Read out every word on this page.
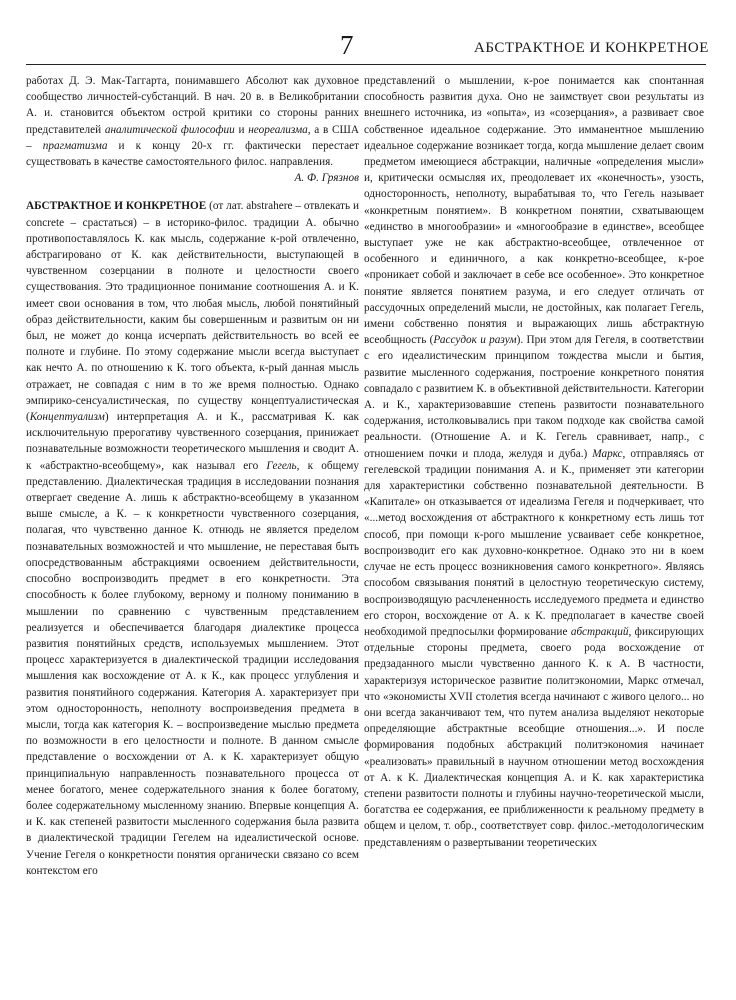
7	АБСТРАКТНОЕ И КОНКРЕТНОЕ

работах Д. Э. Мак-Таггарта, понимавшего Абсолют как духовное сообщество личностей-субстанций. В нач. 20 в. в Великобритании А. и. становится объектом острой критики со стороны ранних представителей аналитической философии и неореализма, а в США – прагматизма и к концу 20-х гг. фактически перестает существовать в качестве самостоятельного филос. направления.

А. Ф. Грязнов

АБСТРАКТНОЕ И КОНКРЕТНОЕ (от лат. abstrahere – отвлекать и concrete – срастаться) – в историко-филос. традиции А. обычно противопоставлялось К. как мысль, содержание к-рой отвлеченно, абстрагировано от К. как действительности, выступающей в чувственном созерцании в полноте и целостности своего существования. Это традиционное понимание соотношения А. и К. имеет свои основания в том, что любая мысль, любой понятийный образ действительности, каким бы совершенным и развитым он ни был, не может до конца исчерпать действительность во всей ее полноте и глубине. По этому содержание мысли всегда выступает как нечто А. по отношению к К. того объекта, к-рый данная мысль отражает, не совпадая с ним в то же время полностью. Однако эмпирико-сенсуалистическая, по существу концептуалистическая (Концептуализм) интерпретация А. и К., рассматривая К. как исключительную прерогативу чувственного созерцания, принижает познавательные возможности теоретического мышления и сводит А. к «абстрактно-всеобщему», как называл его Гегель, к общему представлению. Диалектическая традиция в исследовании познания отвергает сведение А. лишь к абстрактно-всеобщему в указанном выше смысле, а К. – к конкретности чувственного созерцания, полагая, что чувственно данное К. отнюдь не является пределом познавательных возможностей и что мышление, не переставая быть опосредствованным абстракциями освоением действительности, способно воспроизводить предмет в его конкретности. Эта способность к более глубокому, верному и полному пониманию в мышлении по сравнению с чувственным представлением реализуется и обеспечивается благодаря диалектике процесса развития понятийных средств, используемых мышлением. Этот процесс характеризуется в диалектической традиции исследования мышления как восхождение от А. к К., как процесс углубления и развития понятийного содержания. Категория А. характеризует при этом односторонность, неполноту воспроизведения предмета в мысли, тогда как категория К. – воспроизведение мыслью предмета по возможности в его целостности и полноте. В данном смысле представление о восхождении от А. к К. характеризует общую принципиальную направленность познавательного процесса от менее богатого, менее содержательного знания к более богатому, более содержательному мысленному знанию. Впервые концепция А. и К. как степеней развитости мысленного содержания была развита в диалектической традиции Гегелем на идеалистической основе. Учение Гегеля о конкретности понятия органически связано со всем контекстом его

представлений о мышлении, к-рое понимается как спонтанная способность развития духа. Оно не заимствует свои результаты из внешнего источника, из «опыта», из «созерцания», а развивает свое собственное идеальное содержание. Это имманентное мышлению идеальное содержание возникает тогда, когда мышление делает своим предметом имеющиеся абстракции, наличные «определения мысли» и, критически осмысляя их, преодолевает их «конечность», узость, односторонность, неполноту, вырабатывая то, что Гегель называет «конкретным понятием». В конкретном понятии, схватывающем «единство в многообразии» и «многообразие в единстве», всеобщее выступает уже не как абстрактно-всеобщее, отвлеченное от особенного и единичного, а как конкретно-всеобщее, к-рое «проникает собой и заключает в себе все особенное». Это конкретное понятие является понятием разума, и его следует отличать от рассудочных определений мысли, не достойных, как полагает Гегель, имени собственно понятия и выражающих лишь абстрактную всеобщность (Рассудок и разум). При этом для Гегеля, в соответствии с его идеалистическим принципом тождества мысли и бытия, развитие мысленного содержания, построение конкретного понятия совпадало с развитием К. в объективной действительности. Категории А. и К., характеризовавшие степень развитости познавательного содержания, истолковывались при таком подходе как свойства самой реальности. (Отношение А. и К. Гегель сравнивает, напр., с отношением почки и плода, желудя и дуба.) Маркс, отправляясь от гегелевской традиции понимания А. и К., применяет эти категории для характеристики собственно познавательной деятельности. В «Капитале» он отказывается от идеализма Гегеля и подчеркивает, что «...метод восхождения от абстрактного к конкретному есть лишь тот способ, при помощи к-рого мышление усваивает себе конкретное, воспроизводит его как духовно-конкретное. Однако это ни в коем случае не есть процесс возникновения самого конкретного». Являясь способом связывания понятий в целостную теоретическую систему, воспроизводящую расчлененность исследуемого предмета и единство его сторон, восхождение от А. к К. предполагает в качестве своей необходимой предпосылки формирование абстракций, фиксирующих отдельные стороны предмета, своего рода восхождение от предзаданного мысли чувственно данного К. к А. В частности, характеризуя историческое развитие политэкономии, Маркс отмечал, что «экономисты XVII столетия всегда начинают с живого целого... но они всегда заканчивают тем, что путем анализа выделяют некоторые определяющие абстрактные всеобщие отношения...». И после формирования подобных абстракций политэкономия начинает «реализовать» правильный в научном отношении метод восхождения от А. к К. Диалектическая концепция А. и К. как характеристика степени развитости полноты и глубины научно-теоретической мысли, богатства ее содержания, ее приближенности к реальному предмету в общем и целом, т. обр., соответствует совр. филос.-методологическим представлениям о развертывании теоретических
